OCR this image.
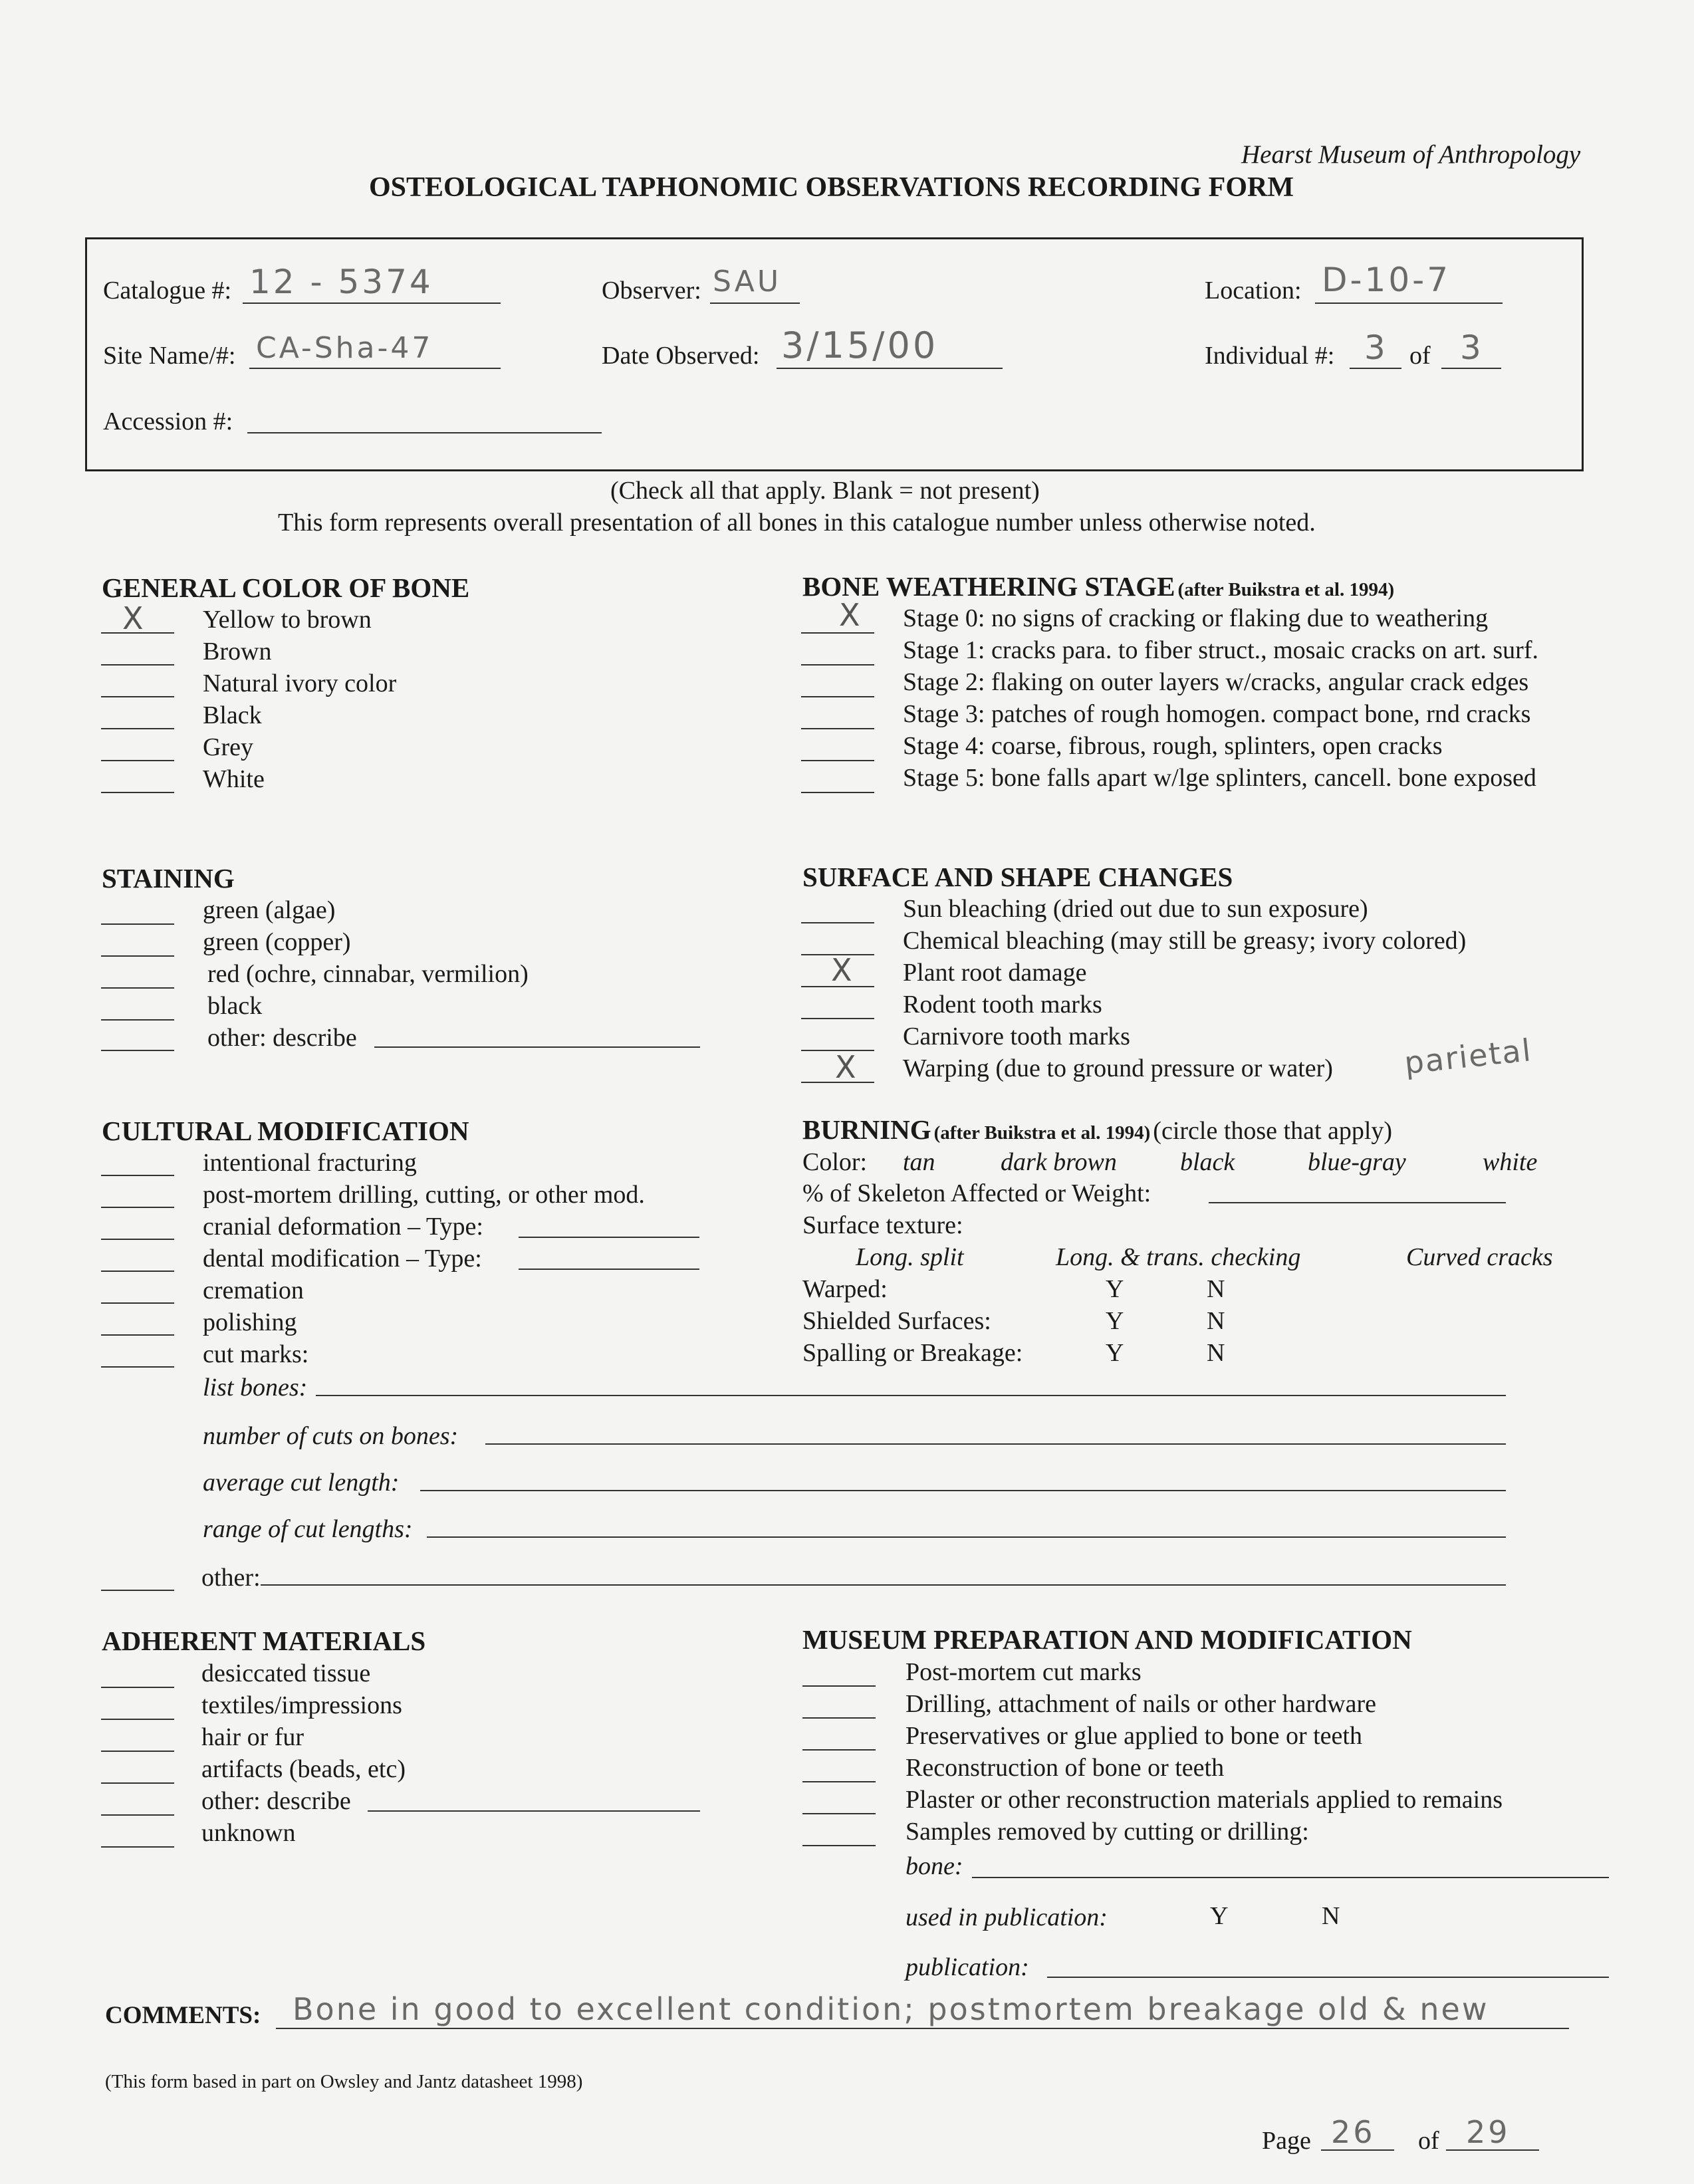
Hearst Museum of Anthropology
OSTEOLOGICAL TAPHONOMIC OBSERVATIONS RECORDING FORM
Catalogue #: 12 - 5374	Observer: SAU	Location: D-10-7
Site Name/#: CA-Sha-47	Date Observed: 3/15/00	Individual #: 3 of 3
Accession #:
(Check all that apply. Blank = not present)
This form represents overall presentation of all bones in this catalogue number unless otherwise noted.
GENERAL COLOR OF BONE
X Yellow to brown
Brown
Natural ivory color
Black
Grey
White
BONE WEATHERING STAGE (after Buikstra et al. 1994)
X Stage 0: no signs of cracking or flaking due to weathering
Stage 1: cracks para. to fiber struct., mosaic cracks on art. surf.
Stage 2: flaking on outer layers w/cracks, angular crack edges
Stage 3: patches of rough homogen. compact bone, rnd cracks
Stage 4: coarse, fibrous, rough, splinters, open cracks
Stage 5: bone falls apart w/lge splinters, cancell. bone exposed
STAINING
green (algae)
green (copper)
red (ochre, cinnabar, vermilion)
black
other: describe
SURFACE AND SHAPE CHANGES
Sun bleaching (dried out due to sun exposure)
Chemical bleaching (may still be greasy; ivory colored)
X Plant root damage
Rodent tooth marks
Carnivore tooth marks
X Warping (due to ground pressure or water) parietal
CULTURAL MODIFICATION
intentional fracturing
post-mortem drilling, cutting, or other mod.
cranial deformation – Type:
dental modification – Type:
cremation
polishing
cut marks:
list bones:
number of cuts on bones:
average cut length:
range of cut lengths:
other:
BURNING (after Buikstra et al. 1994) (circle those that apply)
Color: tan	dark brown	black	blue-gray	white
% of Skeleton Affected or Weight:
Surface texture:
Long. split	Long. & trans. checking	Curved cracks
Warped:	Y	N
Shielded Surfaces:	Y	N
Spalling or Breakage:	Y	N
ADHERENT MATERIALS
desiccated tissue
textiles/impressions
hair or fur
artifacts (beads, etc)
other: describe
unknown
MUSEUM PREPARATION AND MODIFICATION
Post-mortem cut marks
Drilling, attachment of nails or other hardware
Preservatives or glue applied to bone or teeth
Reconstruction of bone or teeth
Plaster or other reconstruction materials applied to remains
Samples removed by cutting or drilling:
bone:
used in publication:	Y	N
publication:
COMMENTS: Bone in good to excellent condition; postmortem breakage old & new
(This form based in part on Owsley and Jantz datasheet 1998)
Page 26 of 29
